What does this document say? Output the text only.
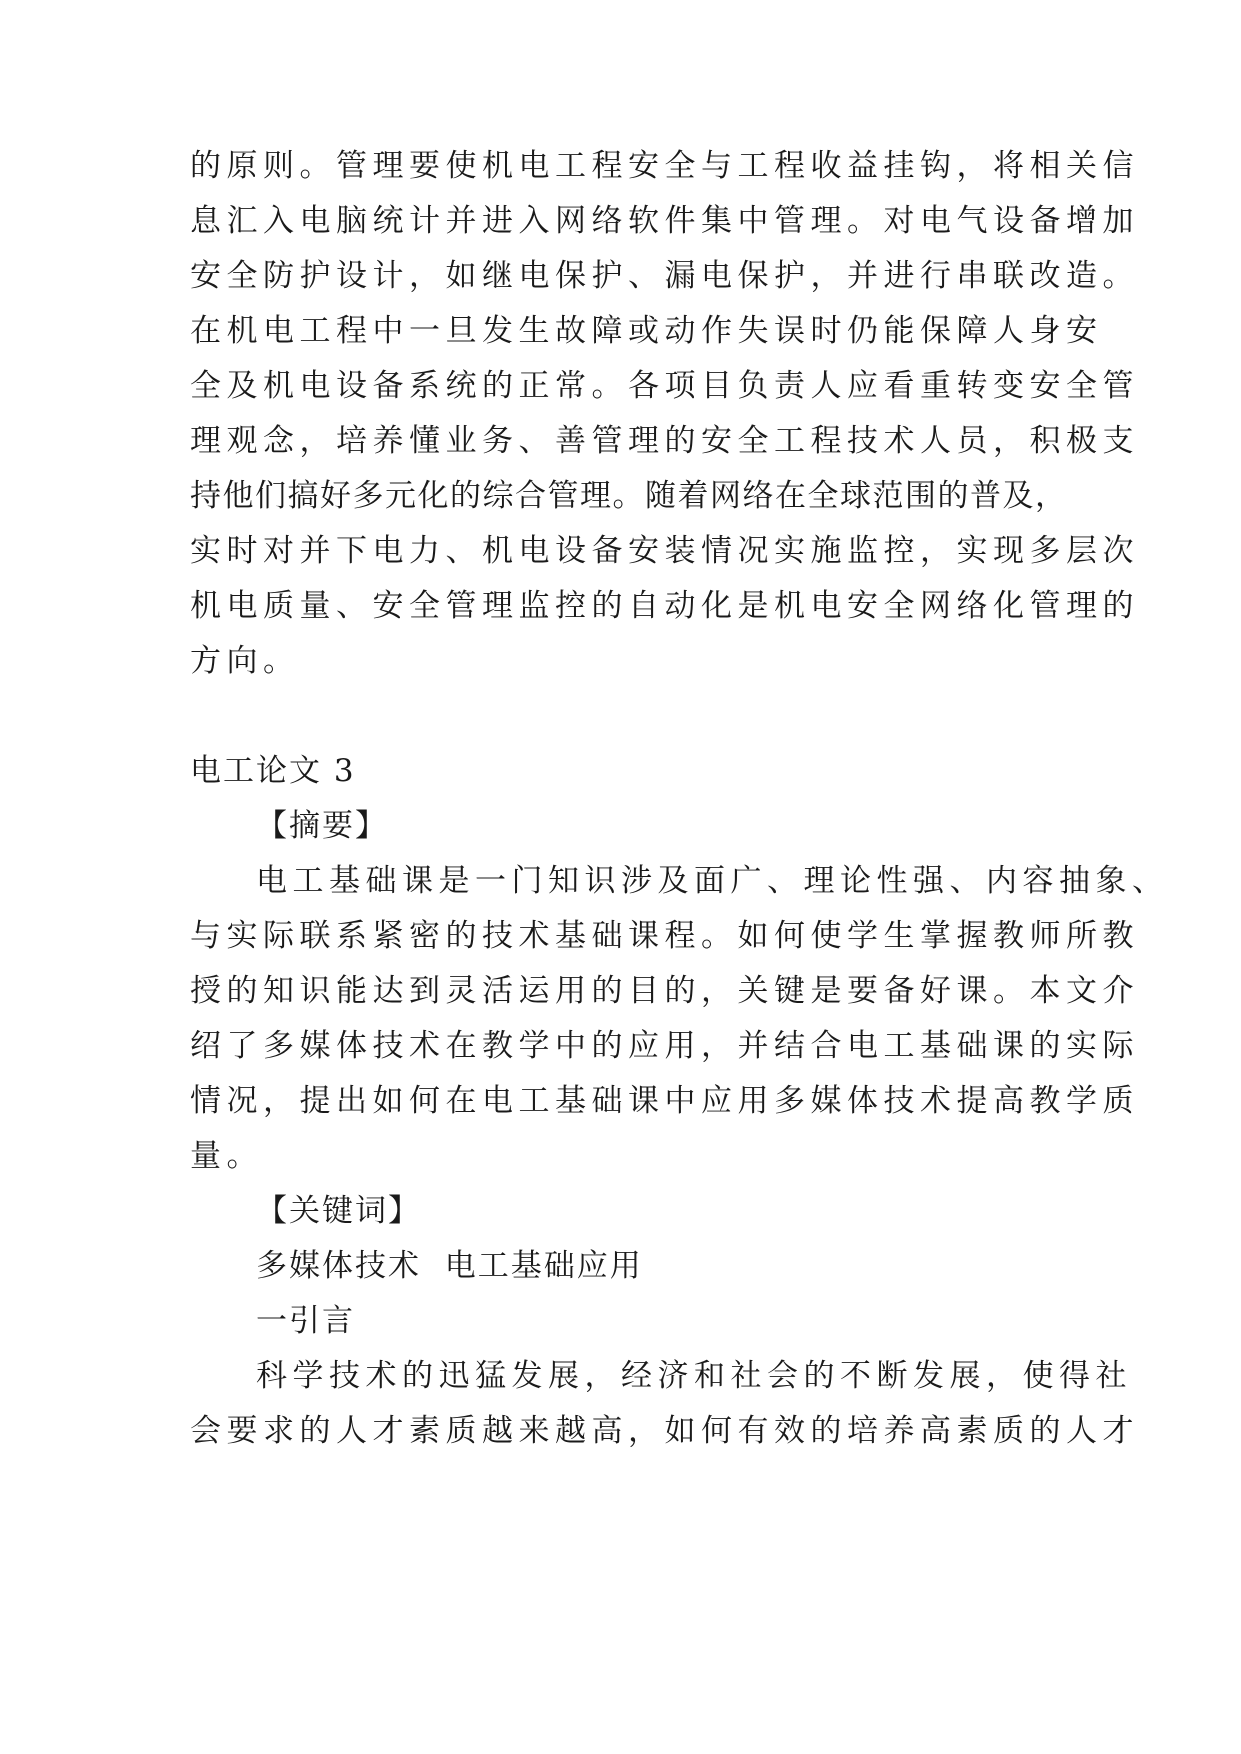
的原则。管理要使机电工程安全与工程收益挂钩，将相关信
息汇入电脑统计并进入网络软件集中管理。对电气设备增加
安全防护设计，如继电保护、漏电保护，并进行串联改造。
在机电工程中一旦发生故障或动作失误时仍能保障人身安
全及机电设备系统的正常。各项目负责人应看重转变安全管
理观念，培养懂业务、善管理的安全工程技术人员，积极支
持他们搞好多元化的综合管理。随着网络在全球范围的普及，
实时对并下电力、机电设备安装情况实施监控，实现多层次
机电质量、安全管理监控的自动化是机电安全网络化管理的
方向。
电工论文 3
【摘要】
电工基础课是一门知识涉及面广、理论性强、内容抽象、
与实际联系紧密的技术基础课程。如何使学生掌握教师所教
授的知识能达到灵活运用的目的，关键是要备好课。本文介
绍了多媒体技术在教学中的应用，并结合电工基础课的实际
情况，提出如何在电工基础课中应用多媒体技术提高教学质
量。
【关键词】
多媒体技术  电工基础应用
一引言
科学技术的迅猛发展，经济和社会的不断发展，使得社
会要求的人才素质越来越高，如何有效的培养高素质的人才
